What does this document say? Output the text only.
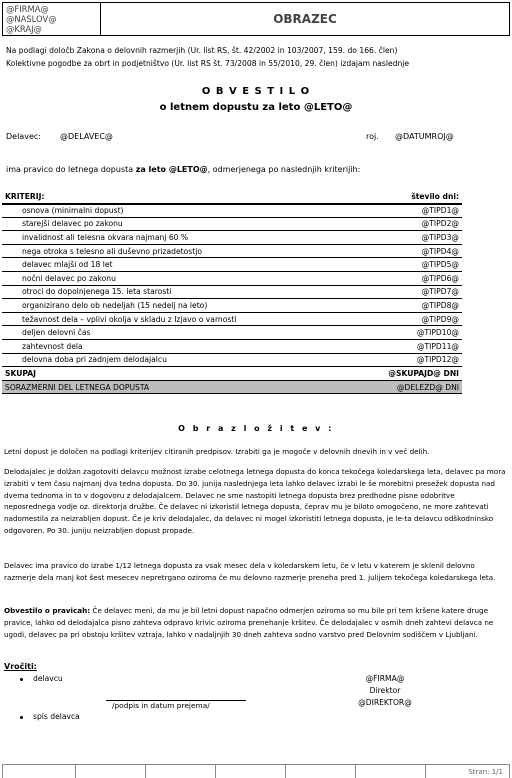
@FIRMA@
@NASLOV@
@KRAJ@
OBRAZEC
Na podlagi določb Zakona o delovnih razmerjih (Ur. list RS, št. 42/2002 in 103/2007, 159. do 166. člen)
Kolektivne pogodbe za obrt in podjetništvo (Ur. list RS št. 73/2008 in 55/2010, 29. člen) izdajam naslednje
O B V E S T I L O
o letnem dopustu za leto @LETO@
Delavec: @DELAVEC@	roj. @DATUMROJ@
ima pravico do letnega dopusta za leto @LETO@, odmerjenega po naslednjih kriterijih:
KRITERIJ:	število dni:
osnova (minimalni dopust)	@TIPD1@
starejši delavec po zakonu	@TIPD2@
invalidnost ali telesna okvara najmanj 60 %	@TIPD3@
nega otroka s telesno ali duševno prizadetostjo	@TIPD4@
delavec mlajši od 18 let	@TIPD5@
nočni delavec po zakonu	@TIPD6@
otroci do dopolnjenega 15. leta starosti	@TIPD7@
organizirano delo ob nedeljah (15 nedelj na leto)	@TIPD8@
težavnost dela – vplivi okolja v skladu z Izjavo o varnosti	@TIPD9@
deljen delovni čas	@TIPD10@
zahtevnost dela	@TIPD11@
delovna doba pri zadnjem delodajalcu	@TIPD12@
SKUPAJ	@SKUPAJD@ DNI
SORAZMERNI DEL LETNEGA DOPUSTA	@DELEZD@ DNI
O b r a z l o ž i t e v :
Letni dopust je določen na podlagi kriterijev citiranih predpisov. Izrabiti ga je mogoče v delovnih dnevih in v več delih.
Delodajalec je dolžan zagotoviti delavcu možnost izrabe celotnega letnega dopusta do konca tekočega koledarskega leta, delavec pa mora izrabiti v tem času najmanj dva tedna dopusta. Do 30. junija naslednjega leta lahko delavec izrabi le še morebitni presežek dopusta nad dvema tednoma in to v dogovoru z delodajalcem. Delavec ne sme nastopiti letnega dopusta brez predhodne pisne odobritve neposrednega vodje oz. direktorja družbe. Če delavec ni izkoristil letnega dopusta, čeprav mu je biloto omogočeno, ne more zahtevati nadomestila za neizrabljen dopust. Če je kriv delodajalec, da delavec ni mogel izkoristiti letnega dopusta, je le-ta delavcu odškodninsko odgovoren. Po 30. juniju neizrabljen dopust propade.
Delavec ima pravico do izrabe 1/12 letnega dopusta za vsak mesec dela v koledarskem letu, če v letu v katerem je sklenil delovno razmerje dela manj kot šest mesecev nepretrgano oziroma če mu delovno razmerje preneha pred 1. julijem tekočega koledarskega leta.
Obvestilo o pravicah: Če delavec meni, da mu je bil letni dopust napačno odmerjen oziroma so mu bile pri tem kršene katere druge pravice, lahko od delodajalca pisno zahteva odpravo krivic oziroma prenehanje kršitev. Če delodajalec v osmih dneh zahtevi delavca ne ugodi, delavec pa pri obstoju kršitev vztraja, lahko v nadaljnjih 30 dneh zahteva sodno varstvo pred Delovnim sodiščem v Ljubljani.
Vročiti:
delavcu
/podpis in datum prejema/
spis delavca
@FIRMA@
Direktor
@DIREKTOR@
Stran: 1/1
